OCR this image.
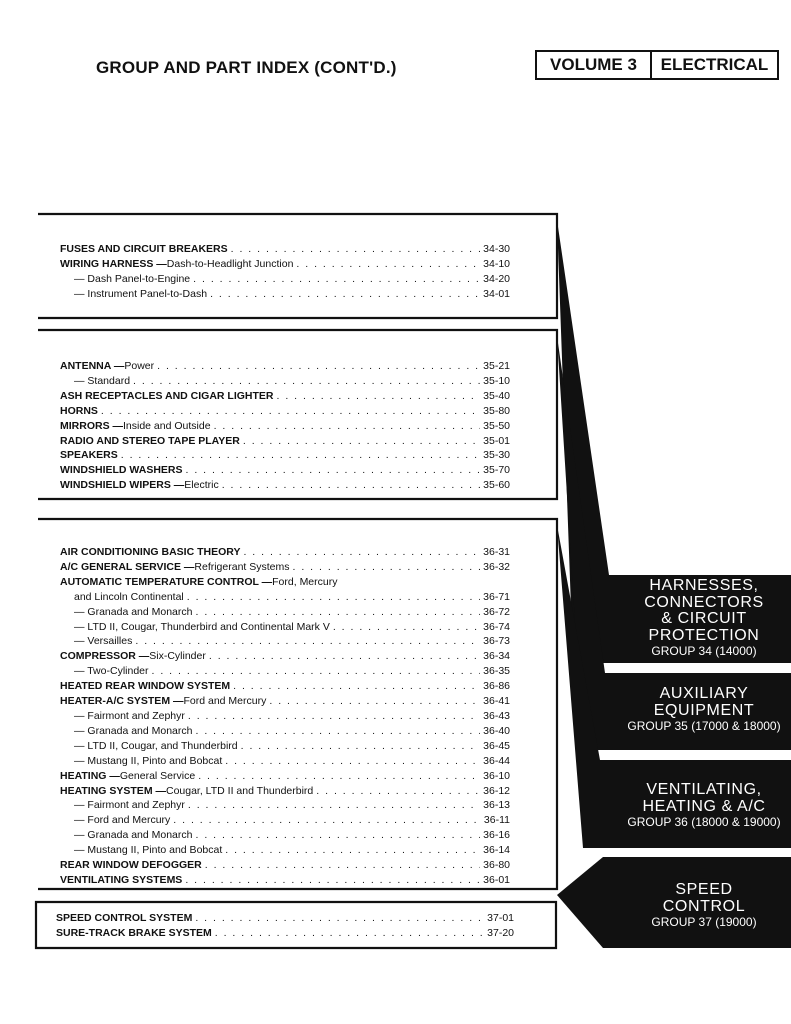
GROUP AND PART INDEX (CONT'D.)	VOLUME 3	ELECTRICAL
FUSES AND CIRCUIT BREAKERS . . .	34-30
WIRING HARNESS — Dash-to-Headlight Junction . . .	34-10
— Dash Panel-to-Engine . . .	34-20
— Instrument Panel-to-Dash . . .	34-01
ANTENNA — Power . . .	35-21
— Standard . . .	35-10
ASH RECEPTACLES AND CIGAR LIGHTER . . .	35-40
HORNS . . .	35-80
MIRRORS — Inside and Outside . . .	35-50
RADIO AND STEREO TAPE PLAYER . . .	35-01
SPEAKERS . . .	35-30
WINDSHIELD WASHERS . . .	35-70
WINDSHIELD WIPERS — Electric . . .	35-60
AIR CONDITIONING BASIC THEORY . . .	36-31
A/C GENERAL SERVICE — Refrigerant Systems . . .	36-32
AUTOMATIC TEMPERATURE CONTROL — Ford, Mercury
and Lincoln Continental . . .	36-71
— Granada and Monarch . . .	36-72
— LTD II, Cougar, Thunderbird and Continental Mark V . . .	36-74
— Versailles . . .	36-73
COMPRESSOR — Six-Cylinder . . .	36-34
— Two-Cylinder . . .	36-35
HEATED REAR WINDOW SYSTEM . . .	36-86
HEATER-A/C SYSTEM — Ford and Mercury . . .	36-41
— Fairmont and Zephyr . . .	36-43
— Granada and Monarch . . .	36-40
— LTD II, Cougar, and Thunderbird . . .	36-45
— Mustang II, Pinto and Bobcat . . .	36-44
HEATING — General Service . . .	36-10
HEATING SYSTEM — Cougar, LTD II and Thunderbird . . .	36-12
— Fairmont and Zephyr . . .	36-13
— Ford and Mercury . . .	36-11
— Granada and Monarch . . .	36-16
— Mustang II, Pinto and Bobcat . . .	36-14
REAR WINDOW DEFOGGER . . .	36-80
VENTILATING SYSTEMS . . .	36-01
SPEED CONTROL SYSTEM . . .	37-01
SURE-TRACK BRAKE SYSTEM . . .	37-20
HARNESSES,
CONNECTORS
& CIRCUIT
PROTECTION
GROUP 34 (14000)
AUXILIARY
EQUIPMENT
GROUP 35 (17000 & 18000)
VENTILATING,
HEATING & A/C
GROUP 36 (18000 & 19000)
SPEED
CONTROL
GROUP 37 (19000)
